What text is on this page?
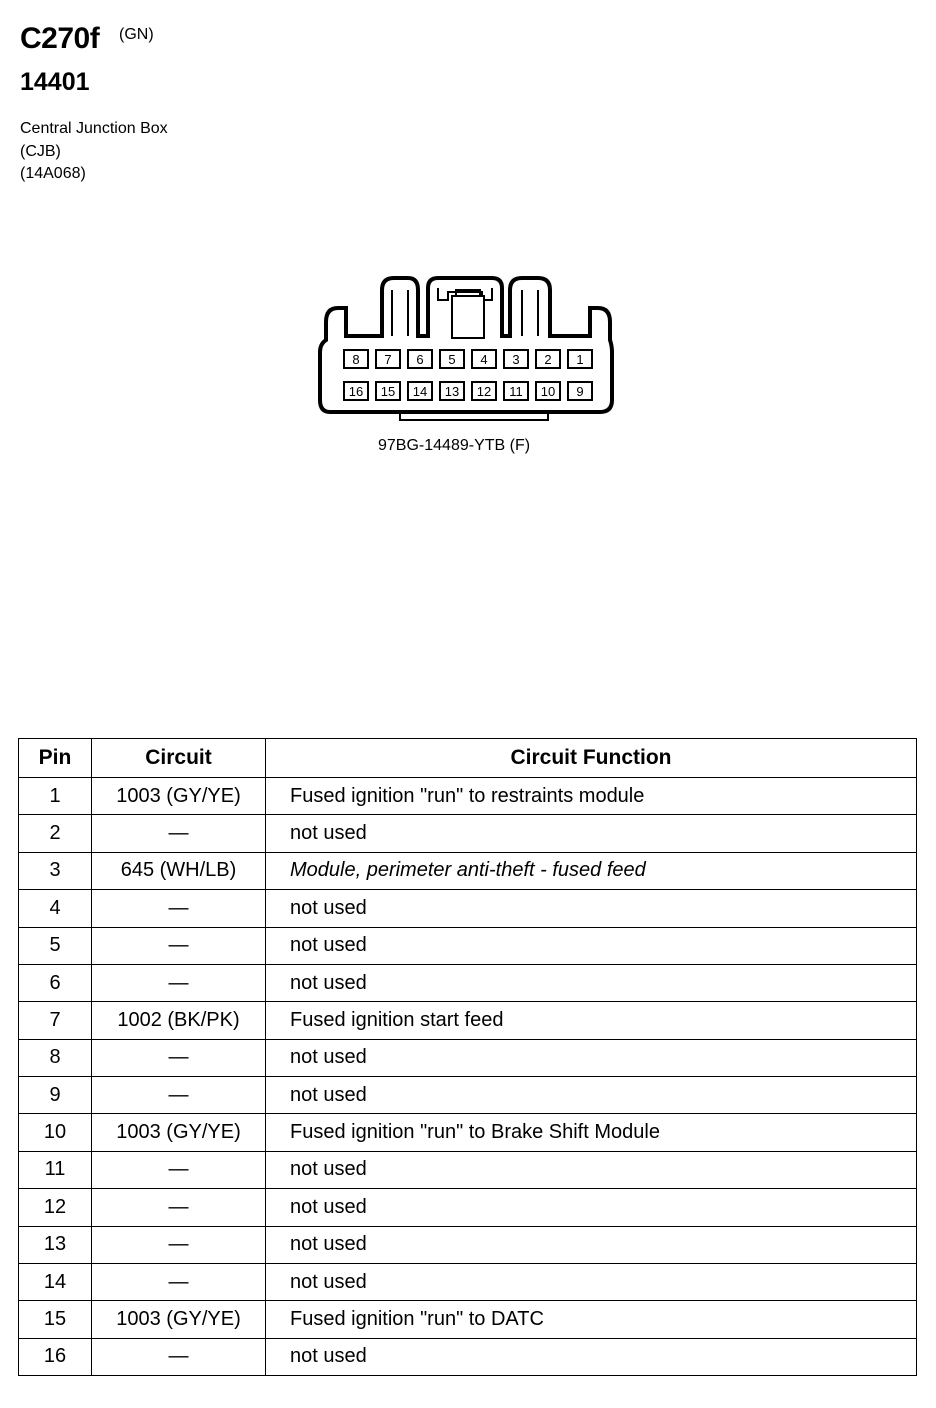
C270f (GN)
14401

Central Junction Box

(CJB)

(14A068)

8 7 6 5 4 3 2 1
16 15 14 13 12 11 10 9
97BG-14489-YTB (F)
Pin	Circuit	Circuit Function
1	1003 (GY/YE)	Fused ignition "run" to restraints module
2	—	not used
3	645 (WH/LB)	Module, perimeter anti-theft - fused feed
4	—	not used
5	—	not used
6	—	not used
7	1002 (BK/PK)	Fused ignition start feed
8	—	not used
9	—	not used
10	1003 (GY/YE)	Fused ignition "run" to Brake Shift Module
11	—	not used
12	—	not used
13	—	not used
14	—	not used
15	1003 (GY/YE)	Fused ignition "run" to DATC
16	—	not used
